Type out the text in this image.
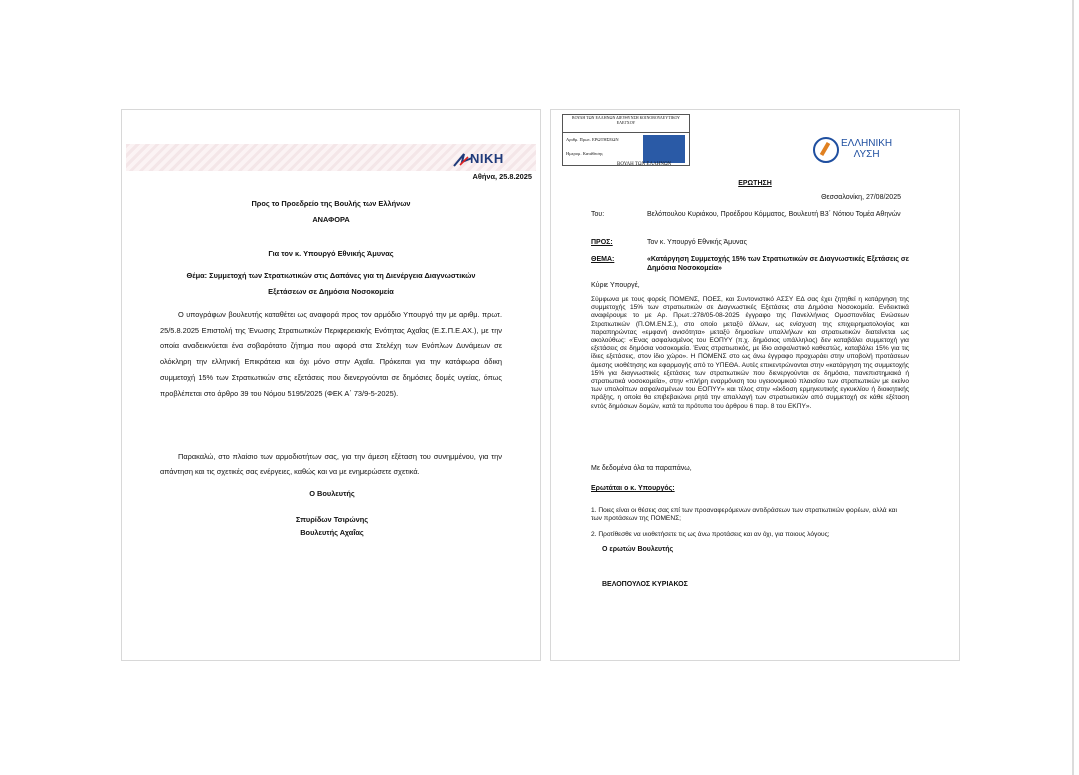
ΝΙΚΗ
Αθήνα, 25.8.2025
Προς το Προεδρείο της Βουλής των Ελλήνων
ΑΝΑΦΟΡΑ
Για τον κ. Υπουργό Εθνικής Άμυνας
Θέμα: Συμμετοχή των Στρατιωτικών στις Δαπάνες για τη Διενέργεια Διαγνωστικών
Εξετάσεων σε Δημόσια Νοσοκομεία
Ο υπογράφων βουλευτής καταθέτει ως αναφορά προς τον αρμόδιο Υπουργό την με αριθμ. πρωτ. 25/5.8.2025 Επιστολή της Ένωσης Στρατιωτικών Περιφερειακής Ενότητας Αχαΐας (Ε.Σ.Π.Ε.ΑΧ.), με την οποία αναδεικνύεται ένα σοβαρότατο ζήτημα που αφορά στα Στελέχη των Ενόπλων Δυνάμεων σε ολόκληρη την ελληνική Επικράτεια και όχι μόνο στην Αχαΐα. Πρόκειται για την κατάφωρα άδικη συμμετοχή 15% των Στρατιωτικών στις εξετάσεις που διενεργούνται σε δημόσιες δομές υγείας, όπως προβλέπεται στο άρθρο 39 του Νόμου 5195/2025 (ΦΕΚ Α΄ 73/9-5-2025).
Παρακαλώ, στο πλαίσιο των αρμοδιοτήτων σας, για την άμεση εξέταση του συνημμένου, για την απάντηση και τις σχετικές σας ενέργειες, καθώς και να με ενημερώσετε σχετικά.
Ο Βουλευτής
Σπυρίδων Τσιρώνης
Βουλευτής Αχαΐας
ΒΟΥΛΗ ΤΩΝ ΕΛΛΗΝΩΝ ΔΙΕΥΘΥΝΣΗ ΚΟΙΝΟΒΟΥΛΕΥΤΙΚΟΥ ΕΛΕΓΧΟΥ
Αριθμ. Πρωτ. ΕΡΩΤΗΣΕΩΝ
Ημερομ. Κατάθεσης
ΒΟΥΛΗ ΤΩΝ ΕΛΛΗΝΩΝ
ΕΛΛΗΝΙΚΗ
ΛΥΣΗ
ΕΡΩΤΗΣΗ
Θεσσαλονίκη, 27/08/2025
Του:	Βελόπουλου Κυριάκου, Προέδρου Κόμματος, Βουλευτή Β3΄ Νότιου Τομέα Αθηνών
ΠΡΟΣ:	Τον κ. Υπουργό Εθνικής Άμυνας
ΘΕΜΑ:	«Κατάργηση Συμμετοχής 15% των Στρατιωτικών σε Διαγνωστικές Εξετάσεις σε Δημόσια Νοσοκομεία»
Κύριε Υπουργέ,
Σύμφωνα με τους φορείς ΠΟΜΕΝΣ, ΠΟΕΣ, και Συντονιστικό ΑΣΣΥ ΕΔ σας έχει ζητηθεί η κατάργηση της συμμετοχής 15% των στρατιωτικών σε Διαγνωστικές Εξετάσεις στα Δημόσια Νοσοκομεία. Ενδεικτικά αναφέρουμε το με Αρ. Πρωτ.:278/05-08-2025 έγγραφο της Πανελλήνιας Ομοσπονδίας Ενώσεων Στρατιωτικών (Π.ΟΜ.ΕΝ.Σ.), στο οποίο μεταξύ άλλων, ως ενίσχυση της επιχειρηματολογίας και παραπηρώντας «εμφανή ανισότητα» μεταξύ δημοσίων υπαλλήλων και στρατιωτικών διατείνεται ως ακολούθως: «Ένας ασφαλισμένος του ΕΟΠΥΥ (π.χ. δημόσιος υπάλληλος) δεν καταβάλει συμμετοχή για εξετάσεις σε δημόσια νοσοκομεία. Ένας στρατιωτικός, με ίδιο ασφαλιστικό καθεστώς, καταβάλει 15% για τις ίδιες εξετάσεις, στον ίδιο χώρο». Η ΠΟΜΕΝΣ στο ως άνω έγγραφο προχωράει στην υποβολή προτάσεων άμεσης υιοθέτησης και εφαρμογής από το ΥΠΕΘΑ. Αυτές επικεντρώνονται στην «κατάργηση της συμμετοχής 15% για διαγνωστικές εξετάσεις των στρατιωτικών που διενεργούνται σε δημόσια, πανεπιστημιακά ή στρατιωτικά νοσοκομεία», στην «πλήρη εναρμόνιση του υγειονομικού πλαισίου των στρατιωτικών με εκείνο των υπολοίπων ασφαλισμένων του ΕΟΠΥΥ» και τέλος στην «έκδοση ερμηνευτικής εγκυκλίου ή διοικητικής πράξης, η οποία θα επιβεβαιώνει ρητά την απαλλαγή των στρατιωτικών από συμμετοχή σε κάθε εξέταση εντός δημόσιων δομών, κατά τα πρότυπα του άρθρου 6 παρ. 8 του ΕΚΠΥ».
Με δεδομένα όλα τα παραπάνω,
Ερωτάται ο κ. Υπουργός:
1. Ποιες είναι οι θέσεις σας επί των προαναφερόμενων αντιδράσεων των στρατιωτικών φορέων, αλλά και των προτάσεων της ΠΟΜΕΝΣ;
2. Προτίθεσθε να υιοθετήσετε τις ως άνω προτάσεις και αν όχι, για ποιους λόγους;
Ο ερωτών Βουλευτής
ΒΕΛΟΠΟΥΛΟΣ ΚΥΡΙΑΚΟΣ
